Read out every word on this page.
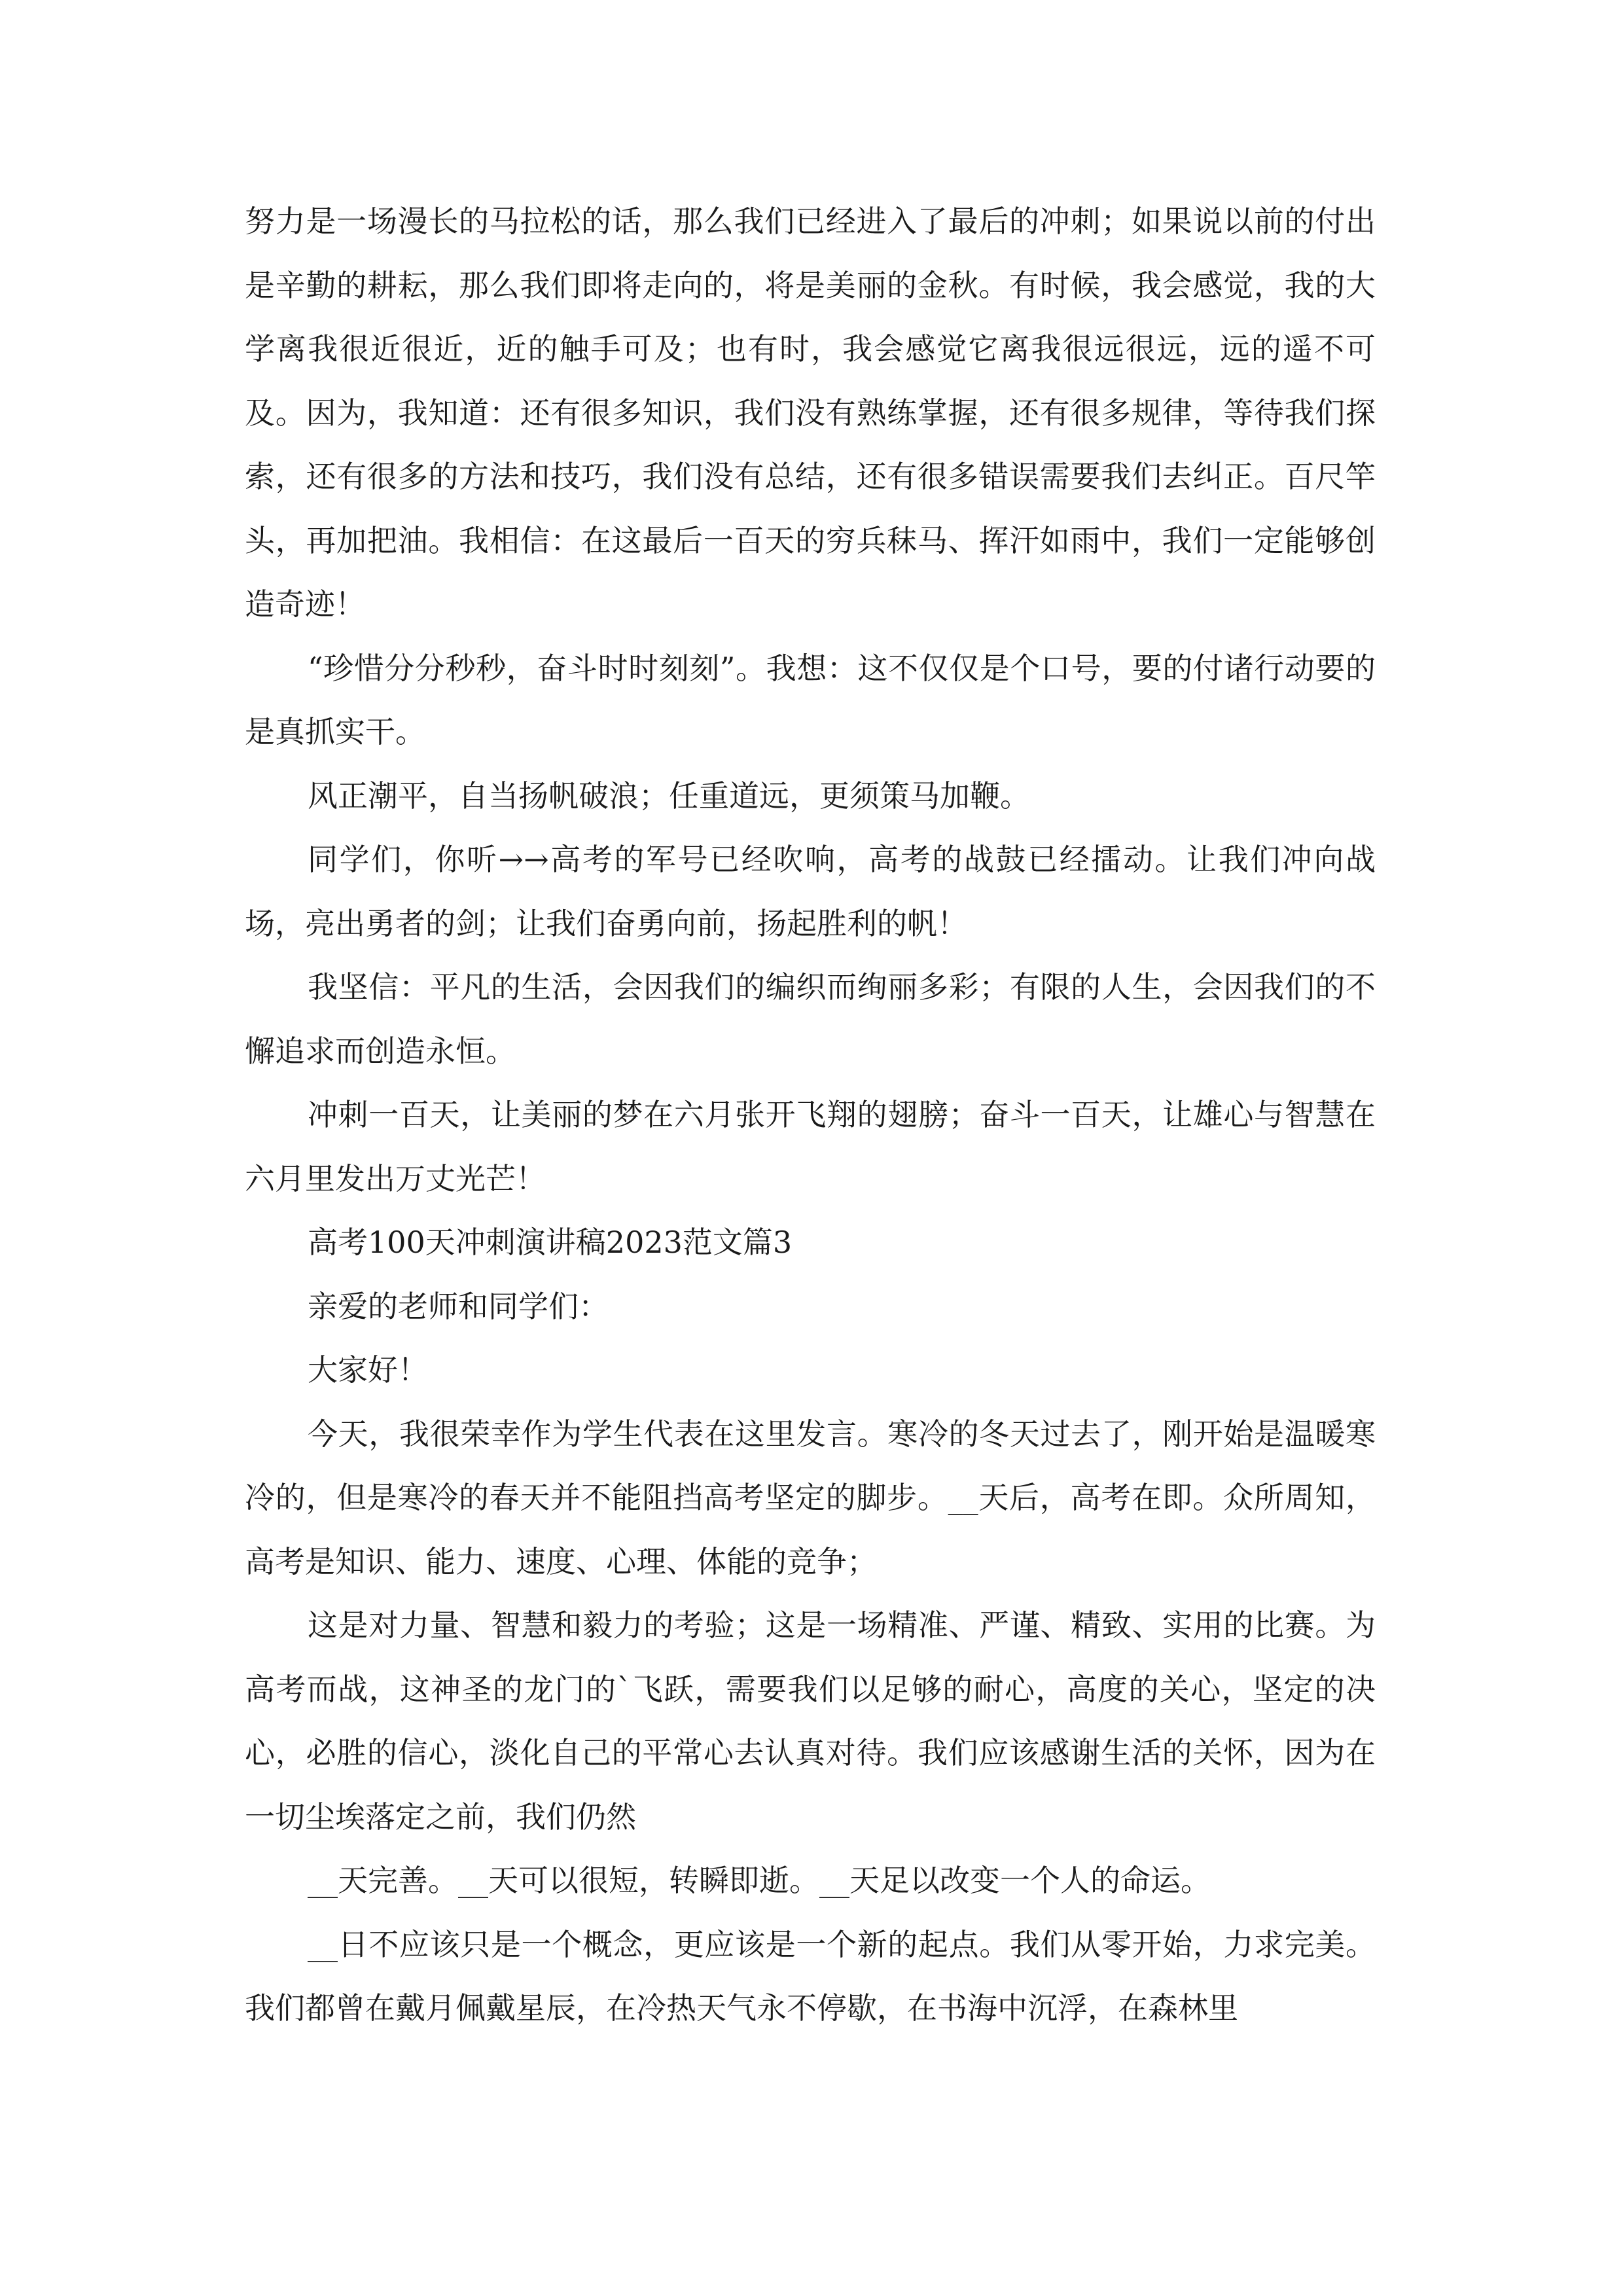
努力是一场漫长的马拉松的话，那么我们已经进入了最后的冲刺；如果说以前的付出是辛勤的耕耘，那么我们即将走向的，将是美丽的金秋。有时候，我会感觉，我的大学离我很近很近，近的触手可及；也有时，我会感觉它离我很远很远，远的遥不可及。因为，我知道：还有很多知识，我们没有熟练掌握，还有很多规律，等待我们探索，还有很多的方法和技巧，我们没有总结，还有很多错误需要我们去纠正。百尺竿头，再加把油。我相信：在这最后一百天的穷兵秣马、挥汗如雨中，我们一定能够创造奇迹！

“珍惜分分秒秒，奋斗时时刻刻”。我想：这不仅仅是个口号，要的付诸行动要的是真抓实干。

风正潮平，自当扬帆破浪；任重道远，更须策马加鞭。

同学们，你听→→高考的军号已经吹响，高考的战鼓已经擂动。让我们冲向战场，亮出勇者的剑；让我们奋勇向前，扬起胜利的帆！

我坚信：平凡的生活，会因我们的编织而绚丽多彩；有限的人生，会因我们的不懈追求而创造永恒。

冲刺一百天，让美丽的梦在六月张开飞翔的翅膀；奋斗一百天，让雄心与智慧在六月里发出万丈光芒！

高考100天冲刺演讲稿2023范文篇3

亲爱的老师和同学们：

大家好！

今天，我很荣幸作为学生代表在这里发言。寒冷的冬天过去了，刚开始是温暖寒冷的，但是寒冷的春天并不能阻挡高考坚定的脚步。__天后，高考在即。众所周知，高考是知识、能力、速度、心理、体能的竞争；

这是对力量、智慧和毅力的考验；这是一场精准、严谨、精致、实用的比赛。为高考而战，这神圣的龙门的`飞跃，需要我们以足够的耐心，高度的关心，坚定的决心，必胜的信心，淡化自己的平常心去认真对待。我们应该感谢生活的关怀，因为在一切尘埃落定之前，我们仍然

__天完善。__天可以很短，转瞬即逝。__天足以改变一个人的命运。

__日不应该只是一个概念，更应该是一个新的起点。我们从零开始，力求完美。我们都曾在戴月佩戴星辰，在冷热天气永不停歇，在书海中沉浮，在森林里
